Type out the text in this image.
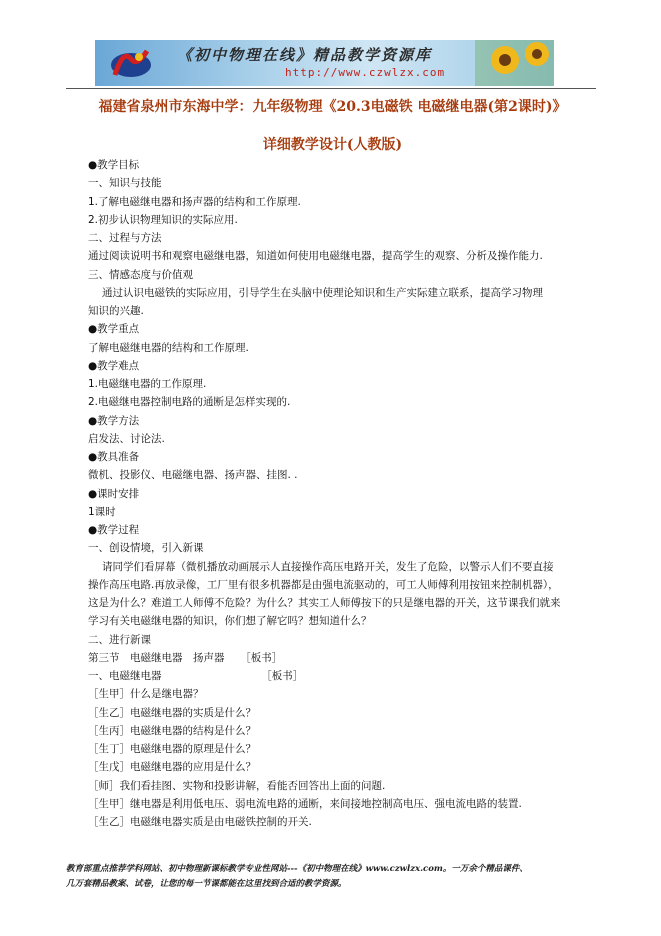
《初中物理在线》精品教学资源库
http://www.czwlzx.com
福建省泉州市东海中学：九年级物理《20.3电磁铁 电磁继电器(第2课时)》
详细教学设计(人教版)
●教学目标
一、知识与技能
1.了解电磁继电器和扬声器的结构和工作原理.
2.初步认识物理知识的实际应用.
二、过程与方法
通过阅读说明书和观察电磁继电器，知道如何使用电磁继电器，提高学生的观察、分析及操作能力.
三、情感态度与价值观
通过认识电磁铁的实际应用，引导学生在头脑中使理论知识和生产实际建立联系，提高学习物理
知识的兴趣.
●教学重点
了解电磁继电器的结构和工作原理.
●教学难点
1.电磁继电器的工作原理.
2.电磁继电器控制电路的通断是怎样实现的.
●教学方法
启发法、讨论法.
●教具准备
微机、投影仪、电磁继电器、扬声器、挂图. .
●课时安排
1课时
●教学过程
一、创设情境，引入新课
请同学们看屏幕（微机播放动画展示人直接操作高压电路开关，发生了危险，以警示人们不要直接
操作高压电路.再放录像，工厂里有很多机器都是由强电流驱动的，可工人师傅利用按钮来控制机器），
这是为什么？难道工人师傅不危险？为什么？其实工人师傅按下的只是继电器的开关，这节课我们就来
学习有关电磁继电器的知识，你们想了解它吗？想知道什么？
二、进行新课
第三节　电磁继电器　扬声器　　［板书］
一、电磁继电器　　　　　　　　　　［板书］
［生甲］什么是继电器？
［生乙］电磁继电器的实质是什么？
［生丙］电磁继电器的结构是什么？
［生丁］电磁继电器的原理是什么？
［生戊］电磁继电器的应用是什么？
［师］我们看挂图、实物和投影讲解，看能否回答出上面的问题.
［生甲］继电器是利用低电压、弱电流电路的通断，来间接地控制高电压、强电流电路的装置.
［生乙］电磁继电器实质是由电磁铁控制的开关.
教育部重点推荐学科网站、初中物理新课标教学专业性网站---《初中物理在线》www.czwlzx.com。一万余个精品课件、
几万套精品教案、试卷，让您的每一节课都能在这里找到合适的教学资源。
